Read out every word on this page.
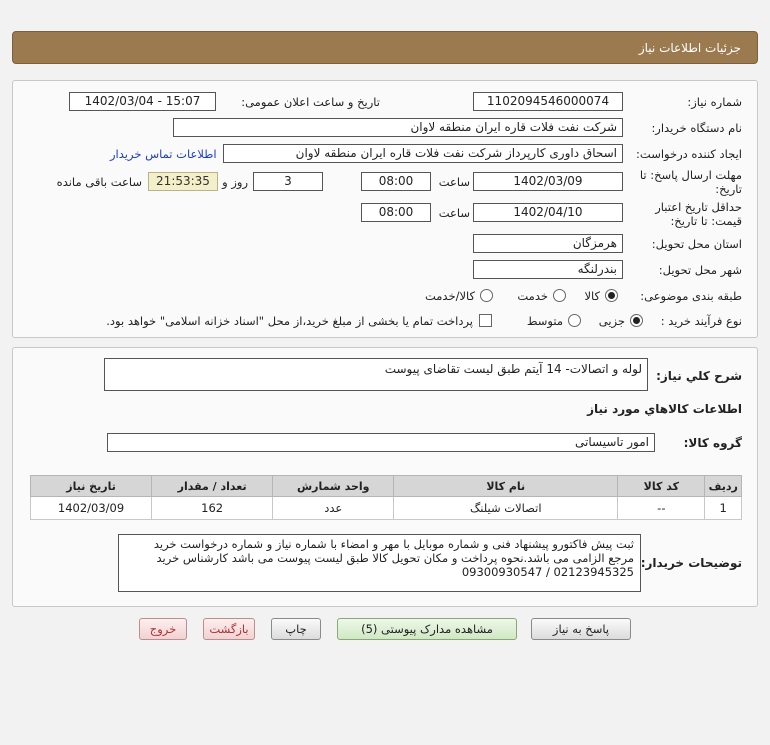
جزئیات اطلاعات نیاز
شماره نیاز:
1102094546000074
تاریخ و ساعت اعلان عمومی:
1402/03/04 - 15:07
نام دستگاه خریدار:
شرکت نفت فلات قاره ایران منطقه لاوان
ایجاد کننده درخواست:
اسحاق داوری کارپرداز شرکت نفت فلات قاره ایران منطقه لاوان
اطلاعات تماس خریدار
مهلت ارسال پاسخ: تا
تاریخ:
1402/03/09
ساعت
08:00
3
روز و
21:53:35
ساعت باقی مانده
حداقل تاریخ اعتبار
قیمت: تا تاریخ:
1402/04/10
ساعت
08:00
استان محل تحویل:
هرمزگان
شهر محل تحویل:
بندرلنگه
طبقه بندی موضوعی:
کالا
خدمت
کالا/خدمت
نوع فرآیند خرید :
جزیی
متوسط
پرداخت تمام یا بخشی از مبلغ خرید،از محل "اسناد خزانه اسلامی" خواهد بود.
شرح کلي نياز:
لوله و اتصالات- 14 آیتم طبق لیست تقاضای پیوست
اطلاعات کالاهاي مورد نياز
گروه کالا:
امور تاسیساتی
ردیف	کد کالا	نام کالا	واحد شمارش	تعداد / مقدار	تاریخ نیاز
1	--	اتصالات شیلنگ	عدد	162	1402/03/09
توضیحات خریدار:
ثبت پیش فاکتورو پیشنهاد فنی و شماره موبایل با مهر و امضاء با شماره نیاز و شماره درخواست خرید مرجع الزامی می باشد.نحوه پرداخت و مکان تحویل کالا طبق لیست پیوست می باشد کارشناس خرید 02123945325 / 09300930547
پاسخ به نیاز
مشاهده مدارک پیوستی (5)
چاپ
بازگشت
خروج
